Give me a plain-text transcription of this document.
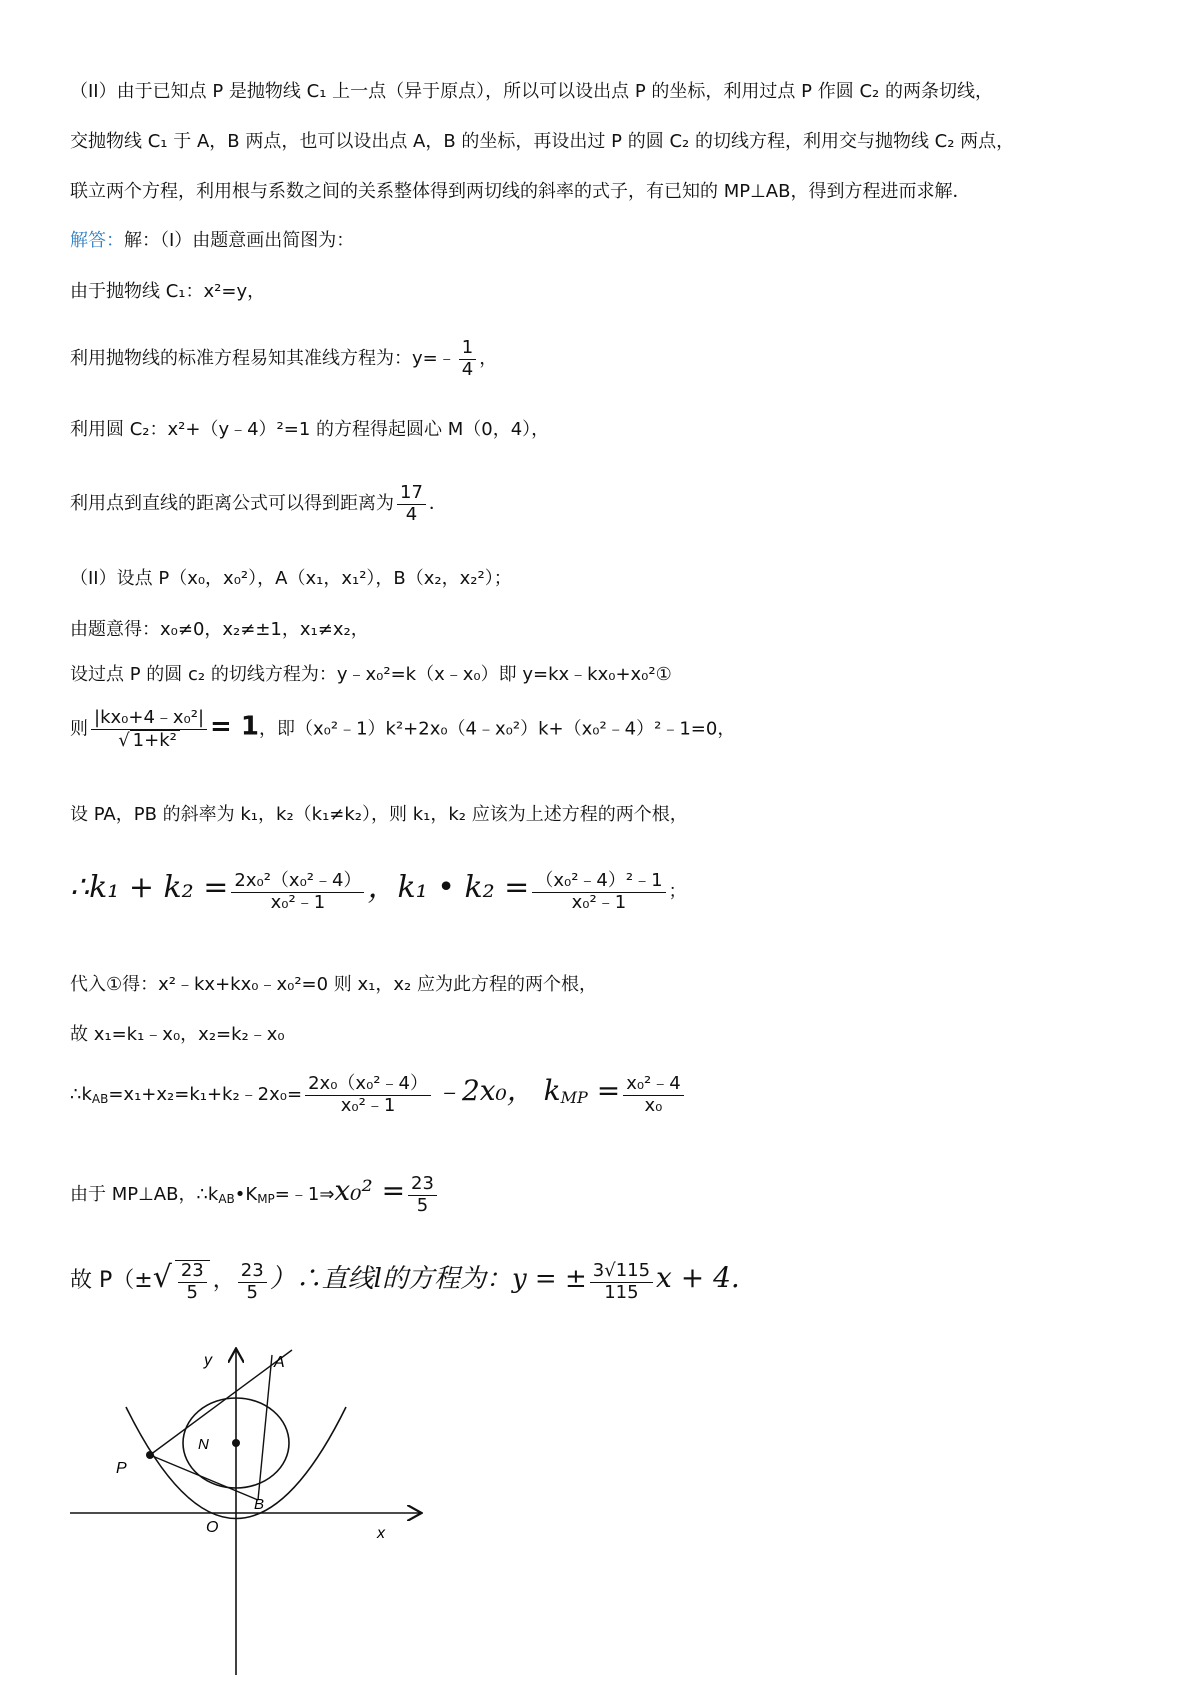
（II）由于已知点 P 是抛物线 C₁ 上一点（异于原点），所以可以设出点 P 的坐标，利用过点 P 作圆 C₂ 的两条切线，
交抛物线 C₁ 于 A，B 两点，也可以设出点 A，B 的坐标，再设出过 P 的圆 C₂ 的切线方程，利用交与抛物线 C₂ 两点，
联立两个方程，利用根与系数之间的关系整体得到两切线的斜率的式子，有已知的 MP⊥AB，得到方程进而求解．
解答：解：（I）由题意画出简图为：
由于抛物线 C₁：x²=y，
利用抛物线的标准方程易知其准线方程为：y=﹣ $\frac{1}{4}$ ，
利用圆 C₂：x²+（y﹣4）²=1 的方程得起圆心 M（0，4），
利用点到直线的距离公式可以得到距离为 $\frac{17}{4}$ ．
（II）设点 P（x₀，x₀²），A（x₁，x₁²），B（x₂，x₂²）；
由题意得：x₀≠0，x₂≠±1，x₁≠x₂，
设过点 P 的圆 c₂ 的切线方程为：y﹣x₀²=k（x﹣x₀）即 y=kx﹣kx₀+x₀²①
则 $\frac{\text{|kx₀+4﹣x₀²|}}{\text{√ 1+k²}} = 1$，即（x₀²﹣1）k²+2x₀（4﹣x₀²）k+（x₀²﹣4）²﹣1=0，
设 PA，PB 的斜率为 k₁，k₂（k₁≠k₂），则 k₁，k₂ 应该为上述方程的两个根，
∴k₁ + $k_2 = \frac{\text{2x₀²（x₀²﹣4）}}{\text{x₀²﹣1}}$ ，k₁ • $k_2 = \frac{\text{（x₀²﹣4）²﹣1}}{\text{x₀²﹣1}}$ ；
代入①得：x²﹣kx+kx₀﹣x₀²=0 则 x₁，x₂ 应为此方程的两个根，
故 x₁=k₁﹣x₀，x₂=k₂﹣x₀
$\therefore k_{AB}=x_1+x_2=k_1+k_2﹣2x_0= \frac{\text{2x₀（x₀²﹣4）}}{\text{x₀²﹣1}}$ ﹣2x₀， $k_{MP} = \frac{\text{x₀²﹣4}}{\text{x₀}}$
由于 MP⊥AB，$\therefore k_{AB}•K_{MP}=﹣1\Rightarrow x_0^2 = \frac{23}{5}$
故 $P(\pm√ \frac{23}{5}$ ， $\frac{23}{5}$ ）∴直线l的方程为：y = ± $\frac{3√115}{115}$ x + 4.
y	A
N
P
B
O	x
